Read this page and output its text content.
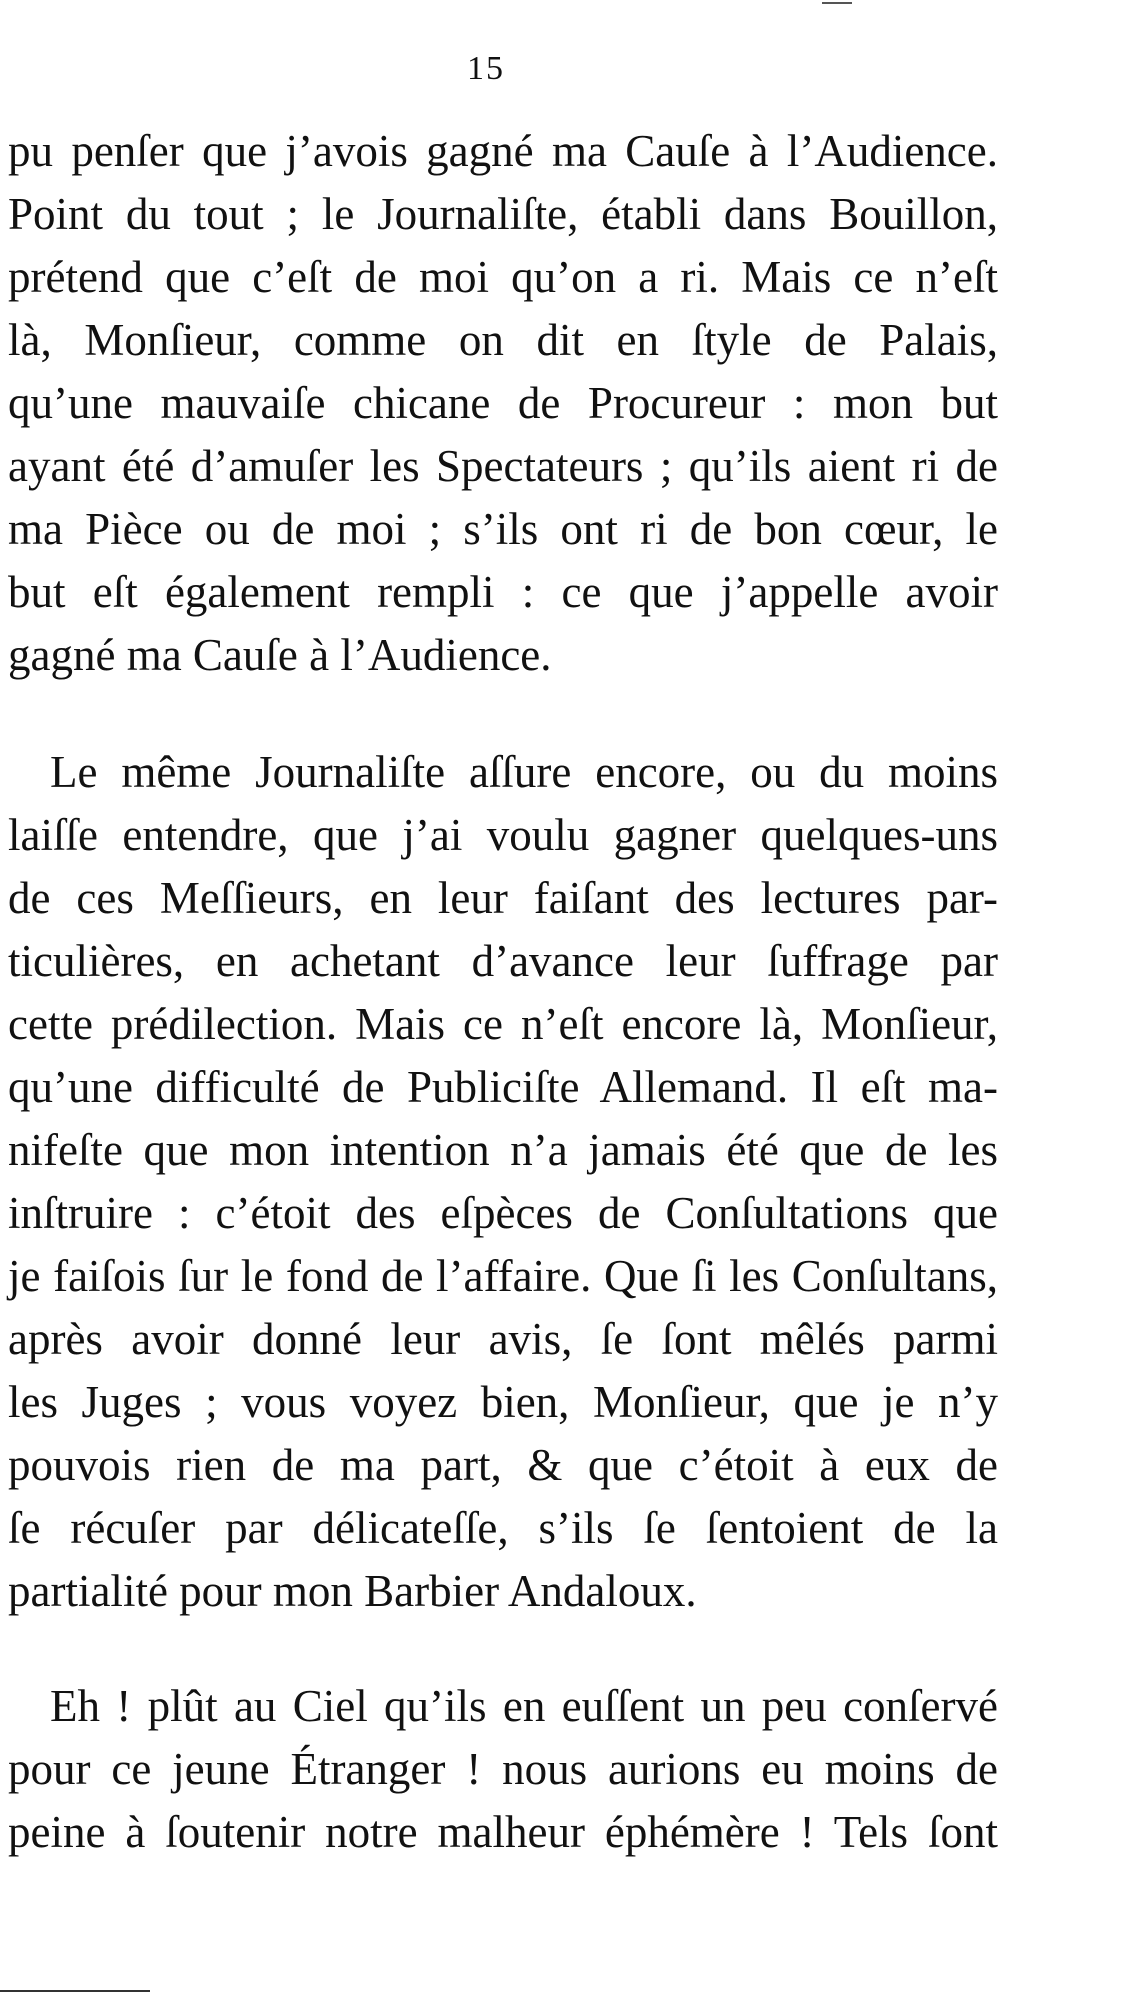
15
pu penſer que j’avois gagné ma Cauſe à l’Audience.
Point du tout ; le Journaliſte, établi dans Bouillon,
prétend que c’eſt de moi qu’on a ri. Mais ce n’eſt
là, Monſieur, comme on dit en ſtyle de Palais,
qu’une mauvaiſe chicane de Procureur : mon but
ayant été d’amuſer les Spectateurs ; qu’ils aient ri de
ma Pièce ou de moi ; s’ils ont ri de bon cœur, le
but eſt également rempli : ce que j’appelle avoir
gagné ma Cauſe à l’Audience.
Le même Journaliſte aſſure encore, ou du moins
laiſſe entendre, que j’ai voulu gagner quelques-uns
de ces Meſſieurs, en leur faiſant des lectures par-
ticulières, en achetant d’avance leur ſuffrage par
cette prédilection. Mais ce n’eſt encore là, Monſieur,
qu’une difficulté de Publiciſte Allemand. Il eſt ma-
nifeſte que mon intention n’a jamais été que de les
inſtruire : c’étoit des eſpèces de Conſultations que
je faiſois ſur le fond de l’affaire. Que ſi les Conſultans,
après avoir donné leur avis, ſe ſont mêlés parmi
les Juges ; vous voyez bien, Monſieur, que je n’y
pouvois rien de ma part, & que c’étoit à eux de
ſe récuſer par délicateſſe, s’ils ſe ſentoient de la
partialité pour mon Barbier Andaloux.
Eh ! plût au Ciel qu’ils en euſſent un peu conſervé
pour ce jeune Étranger ! nous aurions eu moins de
peine à ſoutenir notre malheur éphémère ! Tels ſont
